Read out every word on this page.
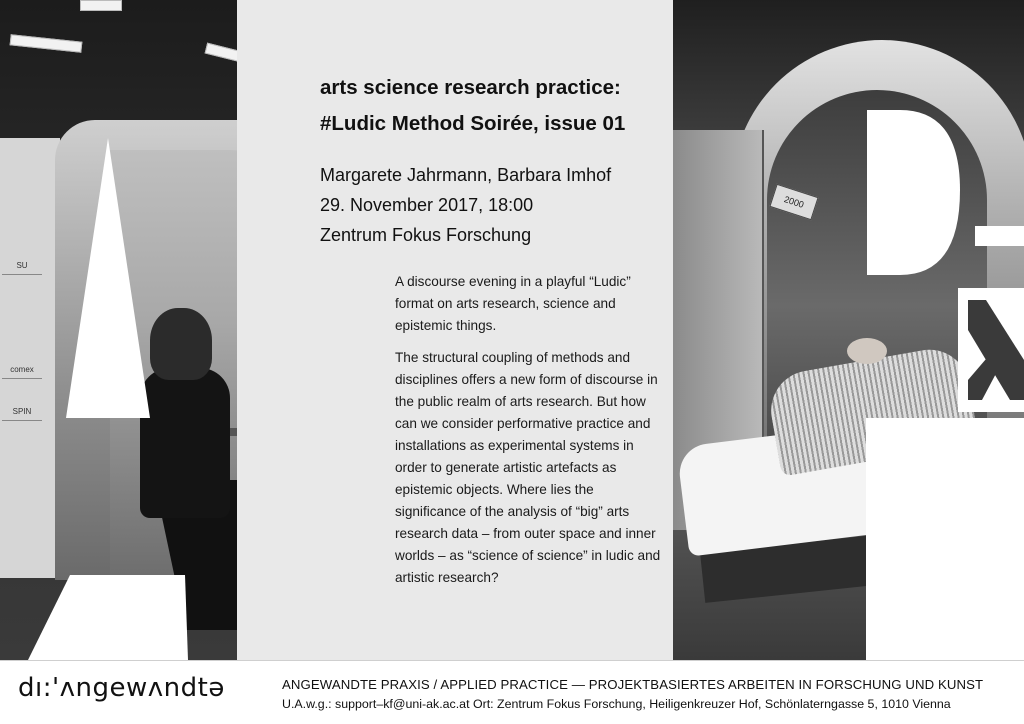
SU
comex
SPIN
2000
arts science research practice:
#Ludic Method Soirée, issue 01
Margarete Jahrmann, Barbara Imhof
29. November 2017, 18:00
Zentrum Fokus Forschung

A discourse evening in a playful “Ludic” format on arts research, science and epistemic things.

The structural coupling of methods and disciplines offers a new form of discourse in the public realm of arts research. But how can we consider performative practice and installations as experimental systems in order to generate artistic artefacts as epistemic objects. Where lies the significance of the analysis of “big” arts research data – from outer space and inner worlds – as “science of science” in ludic and artistic research?

dı:'ʌngewʌndtə	ANGEWANDTE PRAXIS / APPLIED PRACTICE — PROJEKTBASIERTES ARBEITEN IN FORSCHUNG UND KUNST
U.A.w.g.: support–kf@uni-ak.ac.at Ort: Zentrum Fokus Forschung, Heiligenkreuzer Hof, Schönlaterngasse 5, 1010 Vienna
